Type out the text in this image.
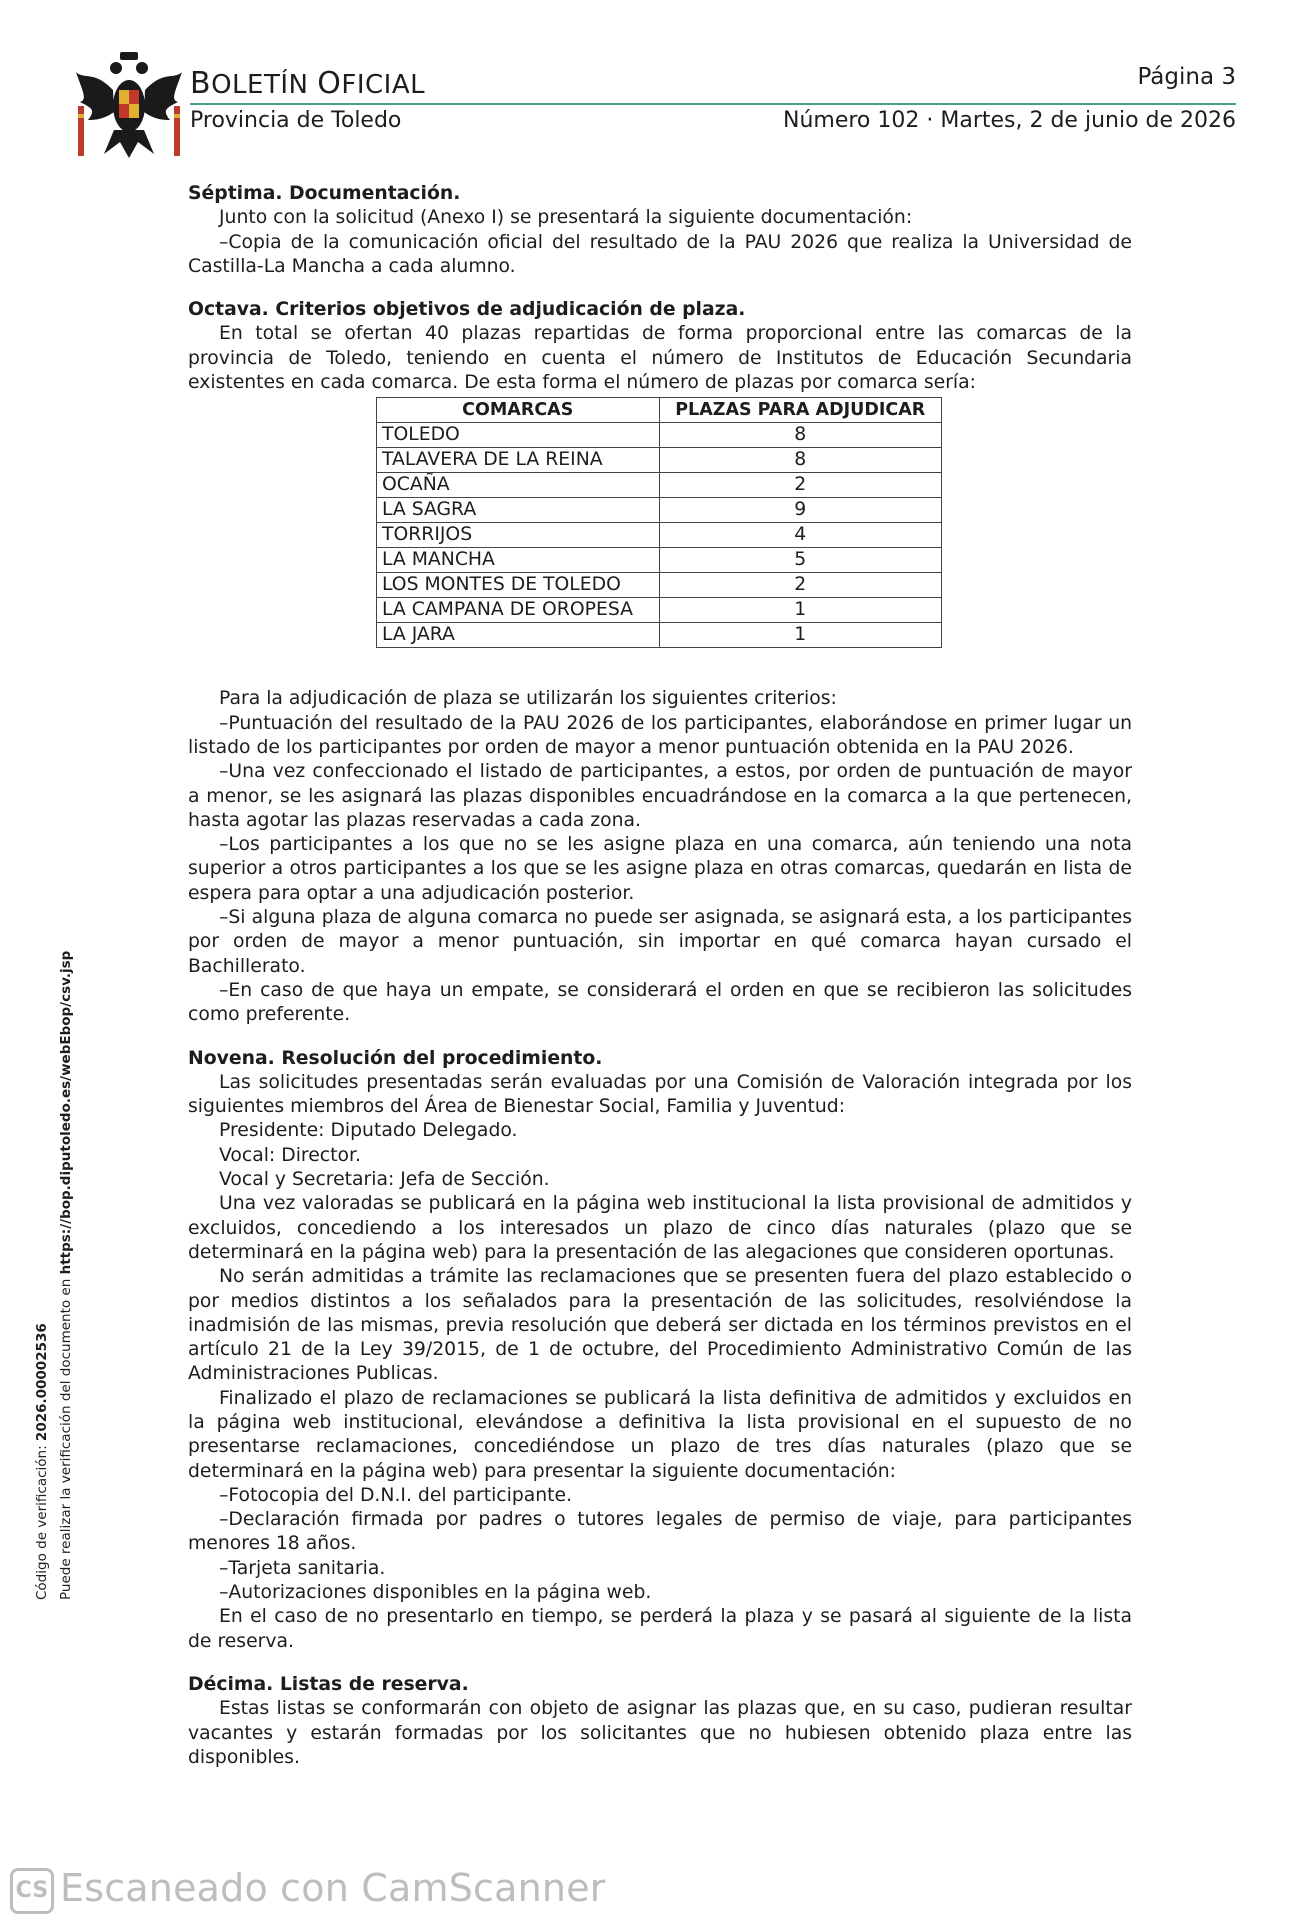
BOLETÍN OFICIAL	Página 3
Provincia de Toledo	Número 102 · Martes, 2 de junio de 2026
Código de verificación: 2026.00002536 Puede realizar la verificación del documento en https://bop.diputoledo.es/webEbop/csv.jsp
Séptima. Documentación.

Junto con la solicitud (Anexo I) se presentará la siguiente documentación:

–Copia de la comunicación oficial del resultado de la PAU 2026 que realiza la Universidad de Castilla-La Mancha a cada alumno.

Octava. Criterios objetivos de adjudicación de plaza.

En total se ofertan 40 plazas repartidas de forma proporcional entre las comarcas de la provincia de Toledo, teniendo en cuenta el número de Institutos de Educación Secundaria existentes en cada comarca. De esta forma el número de plazas por comarca sería:

COMARCAS	PLAZAS PARA ADJUDICAR
TOLEDO	8
TALAVERA DE LA REINA	8
OCAÑA	2
LA SAGRA	9
TORRIJOS	4
LA MANCHA	5
LOS MONTES DE TOLEDO	2
LA CAMPANA DE OROPESA	1
LA JARA	1

Para la adjudicación de plaza se utilizarán los siguientes criterios:

–Puntuación del resultado de la PAU 2026 de los participantes, elaborándose en primer lugar un listado de los participantes por orden de mayor a menor puntuación obtenida en la PAU 2026.

–Una vez confeccionado el listado de participantes, a estos, por orden de puntuación de mayor a menor, se les asignará las plazas disponibles encuadrándose en la comarca a la que pertenecen, hasta agotar las plazas reservadas a cada zona.

–Los participantes a los que no se les asigne plaza en una comarca, aún teniendo una nota superior a otros participantes a los que se les asigne plaza en otras comarcas, quedarán en lista de espera para optar a una adjudicación posterior.

–Si alguna plaza de alguna comarca no puede ser asignada, se asignará esta, a los participantes por orden de mayor a menor puntuación, sin importar en qué comarca hayan cursado el Bachillerato.

–En caso de que haya un empate, se considerará el orden en que se recibieron las solicitudes como preferente.

Novena. Resolución del procedimiento.

Las solicitudes presentadas serán evaluadas por una Comisión de Valoración integrada por los siguientes miembros del Área de Bienestar Social, Familia y Juventud:

Presidente: Diputado Delegado.

Vocal: Director.

Vocal y Secretaria: Jefa de Sección.

Una vez valoradas se publicará en la página web institucional la lista provisional de admitidos y excluidos, concediendo a los interesados un plazo de cinco días naturales (plazo que se determinará en la página web) para la presentación de las alegaciones que consideren oportunas.

No serán admitidas a trámite las reclamaciones que se presenten fuera del plazo establecido o por medios distintos a los señalados para la presentación de las solicitudes, resolviéndose la inadmisión de las mismas, previa resolución que deberá ser dictada en los términos previstos en el artículo 21 de la Ley 39/2015, de 1 de octubre, del Procedimiento Administrativo Común de las Administraciones Publicas.

Finalizado el plazo de reclamaciones se publicará la lista definitiva de admitidos y excluidos en la página web institucional, elevándose a definitiva la lista provisional en el supuesto de no presentarse reclamaciones, concediéndose un plazo de tres días naturales (plazo que se determinará en la página web) para presentar la siguiente documentación:

–Fotocopia del D.N.I. del participante.

–Declaración firmada por padres o tutores legales de permiso de viaje, para participantes menores 18 años.

–Tarjeta sanitaria.

–Autorizaciones disponibles en la página web.

En el caso de no presentarlo en tiempo, se perderá la plaza y se pasará al siguiente de la lista de reserva.

Décima. Listas de reserva.

Estas listas se conformarán con objeto de asignar las plazas que, en su caso, pudieran resultar vacantes y estarán formadas por los solicitantes que no hubiesen obtenido plaza entre las disponibles.

CS Escaneado con CamScanner
